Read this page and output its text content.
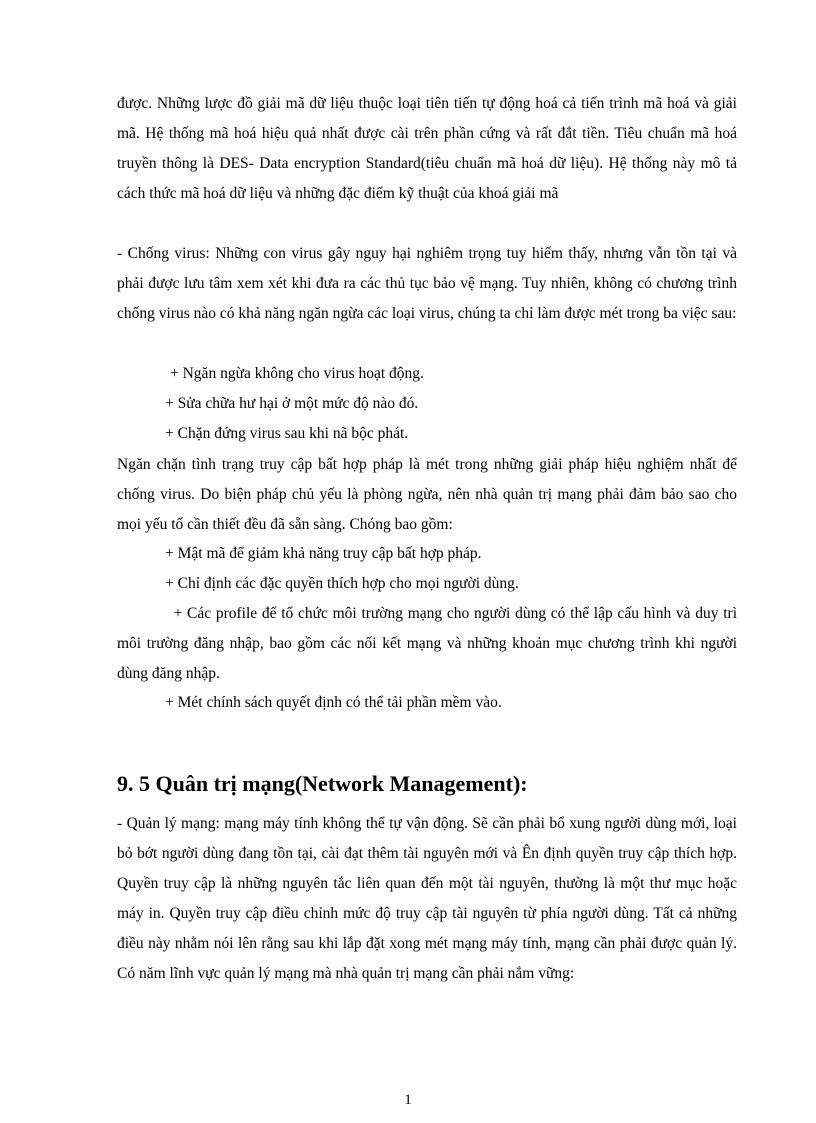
được. Những lược đồ giải mã dữ liệu thuộc loại tiên tiến tự động hoá cả tiến trình mã hoá và giải mã. Hệ thống mã hoá hiệu quả nhất được cài trên phần cứng và rất đắt tiền. Tiêu chuẩn mã hoá truyền thông là DES- Data encryption Standard(tiêu chuẩn mã hoá dữ liệu). Hệ thống này mô tả cách thức mã hoá dữ liệu và những đặc điểm kỹ thuật của khoá giải mã

- Chống virus: Những con virus gây nguy hại nghiêm trọng tuy hiếm thấy, nhưng vẫn tồn tại và phải được lưu tâm xem xét khi đưa ra các thủ tục bảo vệ mạng. Tuy nhiên, không có chương trình chống virus nào có khả năng ngăn ngừa các loại virus, chúng ta chỉ làm được mét trong ba việc sau:

+ Ngăn ngừa không cho virus hoạt động.

+ Sửa chữa hư hại ở một mức độ nào đó.

+ Chặn đứng virus sau khi nã bộc phát.

Ngăn chặn tình trạng truy cập bất hợp pháp là mét trong những giải pháp hiệu nghiệm nhất để chống virus. Do biện pháp chủ yếu là phòng ngừa, nên nhà quản trị mạng phải đảm bảo sao cho mọi yếu tố cần thiết đều đã sẵn sàng. Chóng bao gồm:

+ Mật mã để giảm khả năng truy cập bất hợp pháp.

+ Chỉ định các đặc quyền thích hợp cho mọi người dùng.

+ Các profile để tổ chức môi trường mạng cho người dùng có thể lập cấu hình và duy trì môi trường đăng nhập, bao gồm các nối kết mạng và những khoản mục chương trình khi người dùng đăng nhập.

+ Mét chính sách quyết định có thể tải phần mềm vào.

9. 5 Quân trị mạng(Network Management):

- Quản lý mạng: mạng máy tính không thể tự vận động. Sẽ cần phải bổ xung người dùng mới, loại bỏ bớt người dùng đang tồn tại, cài đạt thêm tài nguyên mới và Ên định quyền truy cập thích hợp. Quyền truy cập là những nguyên tắc liên quan đến một tài nguyên, thường là một thư mục hoặc máy in. Quyền truy cập điều chỉnh mức độ truy cập tài nguyên từ phía người dùng. Tất cả những điều này nhằm nói lên rằng sau khi lắp đặt xong mét mạng máy tính, mạng cần phải được quản lý. Có năm lĩnh vực quản lý mạng mà nhà quản trị mạng cần phải nắm vững:

1
